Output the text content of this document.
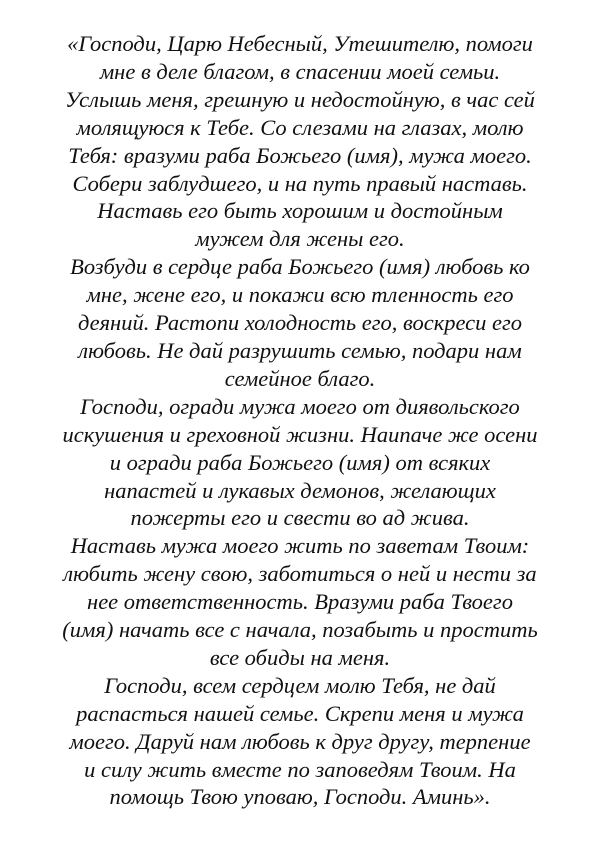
«Господи, Царю Небесный, Утешителю, помоги
мне в деле благом, в спасении моей семьи.
Услышь меня, грешную и недостойную, в час сей
молящуюся к Тебе. Со слезами на глазах, молю
Тебя: вразуми раба Божьего (имя), мужа моего.
Собери заблудшего, и на путь правый наставь.
Наставь его быть хорошим и достойным
мужем для жены его.
Возбуди в сердце раба Божьего (имя) любовь ко
мне, жене его, и покажи всю тленность его
деяний. Растопи холодность его, воскреси его
любовь. Не дай разрушить семью, подари нам
семейное благо.
Господи, огради мужа моего от диявольского
искушения и греховной жизни. Наипаче же осени
и огради раба Божьего (имя) от всяких
напастей и лукавых демонов, желающих
пожерты его и свести во ад жива.
Наставь мужа моего жить по заветам Твоим:
любить жену свою, заботиться о ней и нести за
нее ответственность. Вразуми раба Твоего
(имя) начать все с начала, позабыть и простить
все обиды на меня.
Господи, всем сердцем молю Тебя, не дай
распасться нашей семье. Скрепи меня и мужа
моего. Даруй нам любовь к друг другу, терпение
и силу жить вместе по заповедям Твоим. На
помощь Твою уповаю, Господи. Аминь».
